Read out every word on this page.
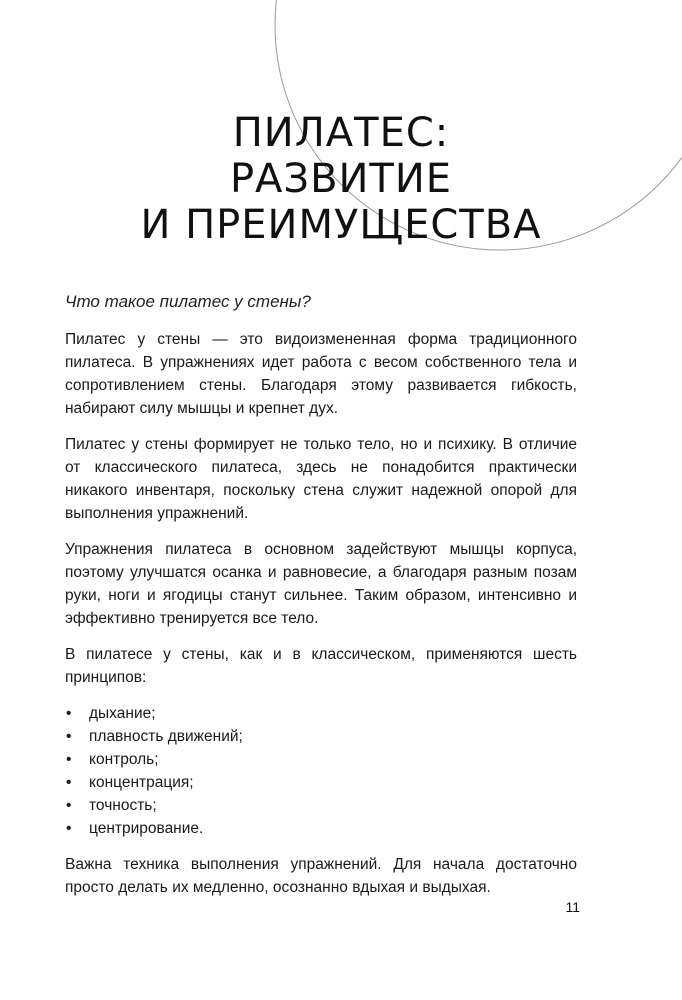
ПИЛАТЕС:
РАЗВИТИЕ
И ПРЕИМУЩЕСТВА
Что такое пилатес у стены?

Пилатес у стены — это видоизмененная форма традиционного пилатеса. В упражнениях идет работа с весом собственного тела и сопротивлением стены. Благодаря этому развивается гибкость, набирают силу мышцы и крепнет дух.

Пилатес у стены формирует не только тело, но и психику. В отличие от классического пилатеса, здесь не понадобится практически никакого инвентаря, поскольку стена служит надежной опорой для выполнения упражнений.

Упражнения пилатеса в основном задействуют мышцы корпуса, поэтому улучшатся осанка и равновесие, а благодаря разным позам руки, ноги и ягодицы станут сильнее. Таким образом, интенсивно и эффективно тренируется все тело.

В пилатесе у стены, как и в классическом, применяются шесть принципов:

• дыхание;
• плавность движений;
• контроль;
• концентрация;
• точность;
• центрирование.

Важна техника выполнения упражнений. Для начала достаточно просто делать их медленно, осознанно вдыхая и выдыхая.

11
